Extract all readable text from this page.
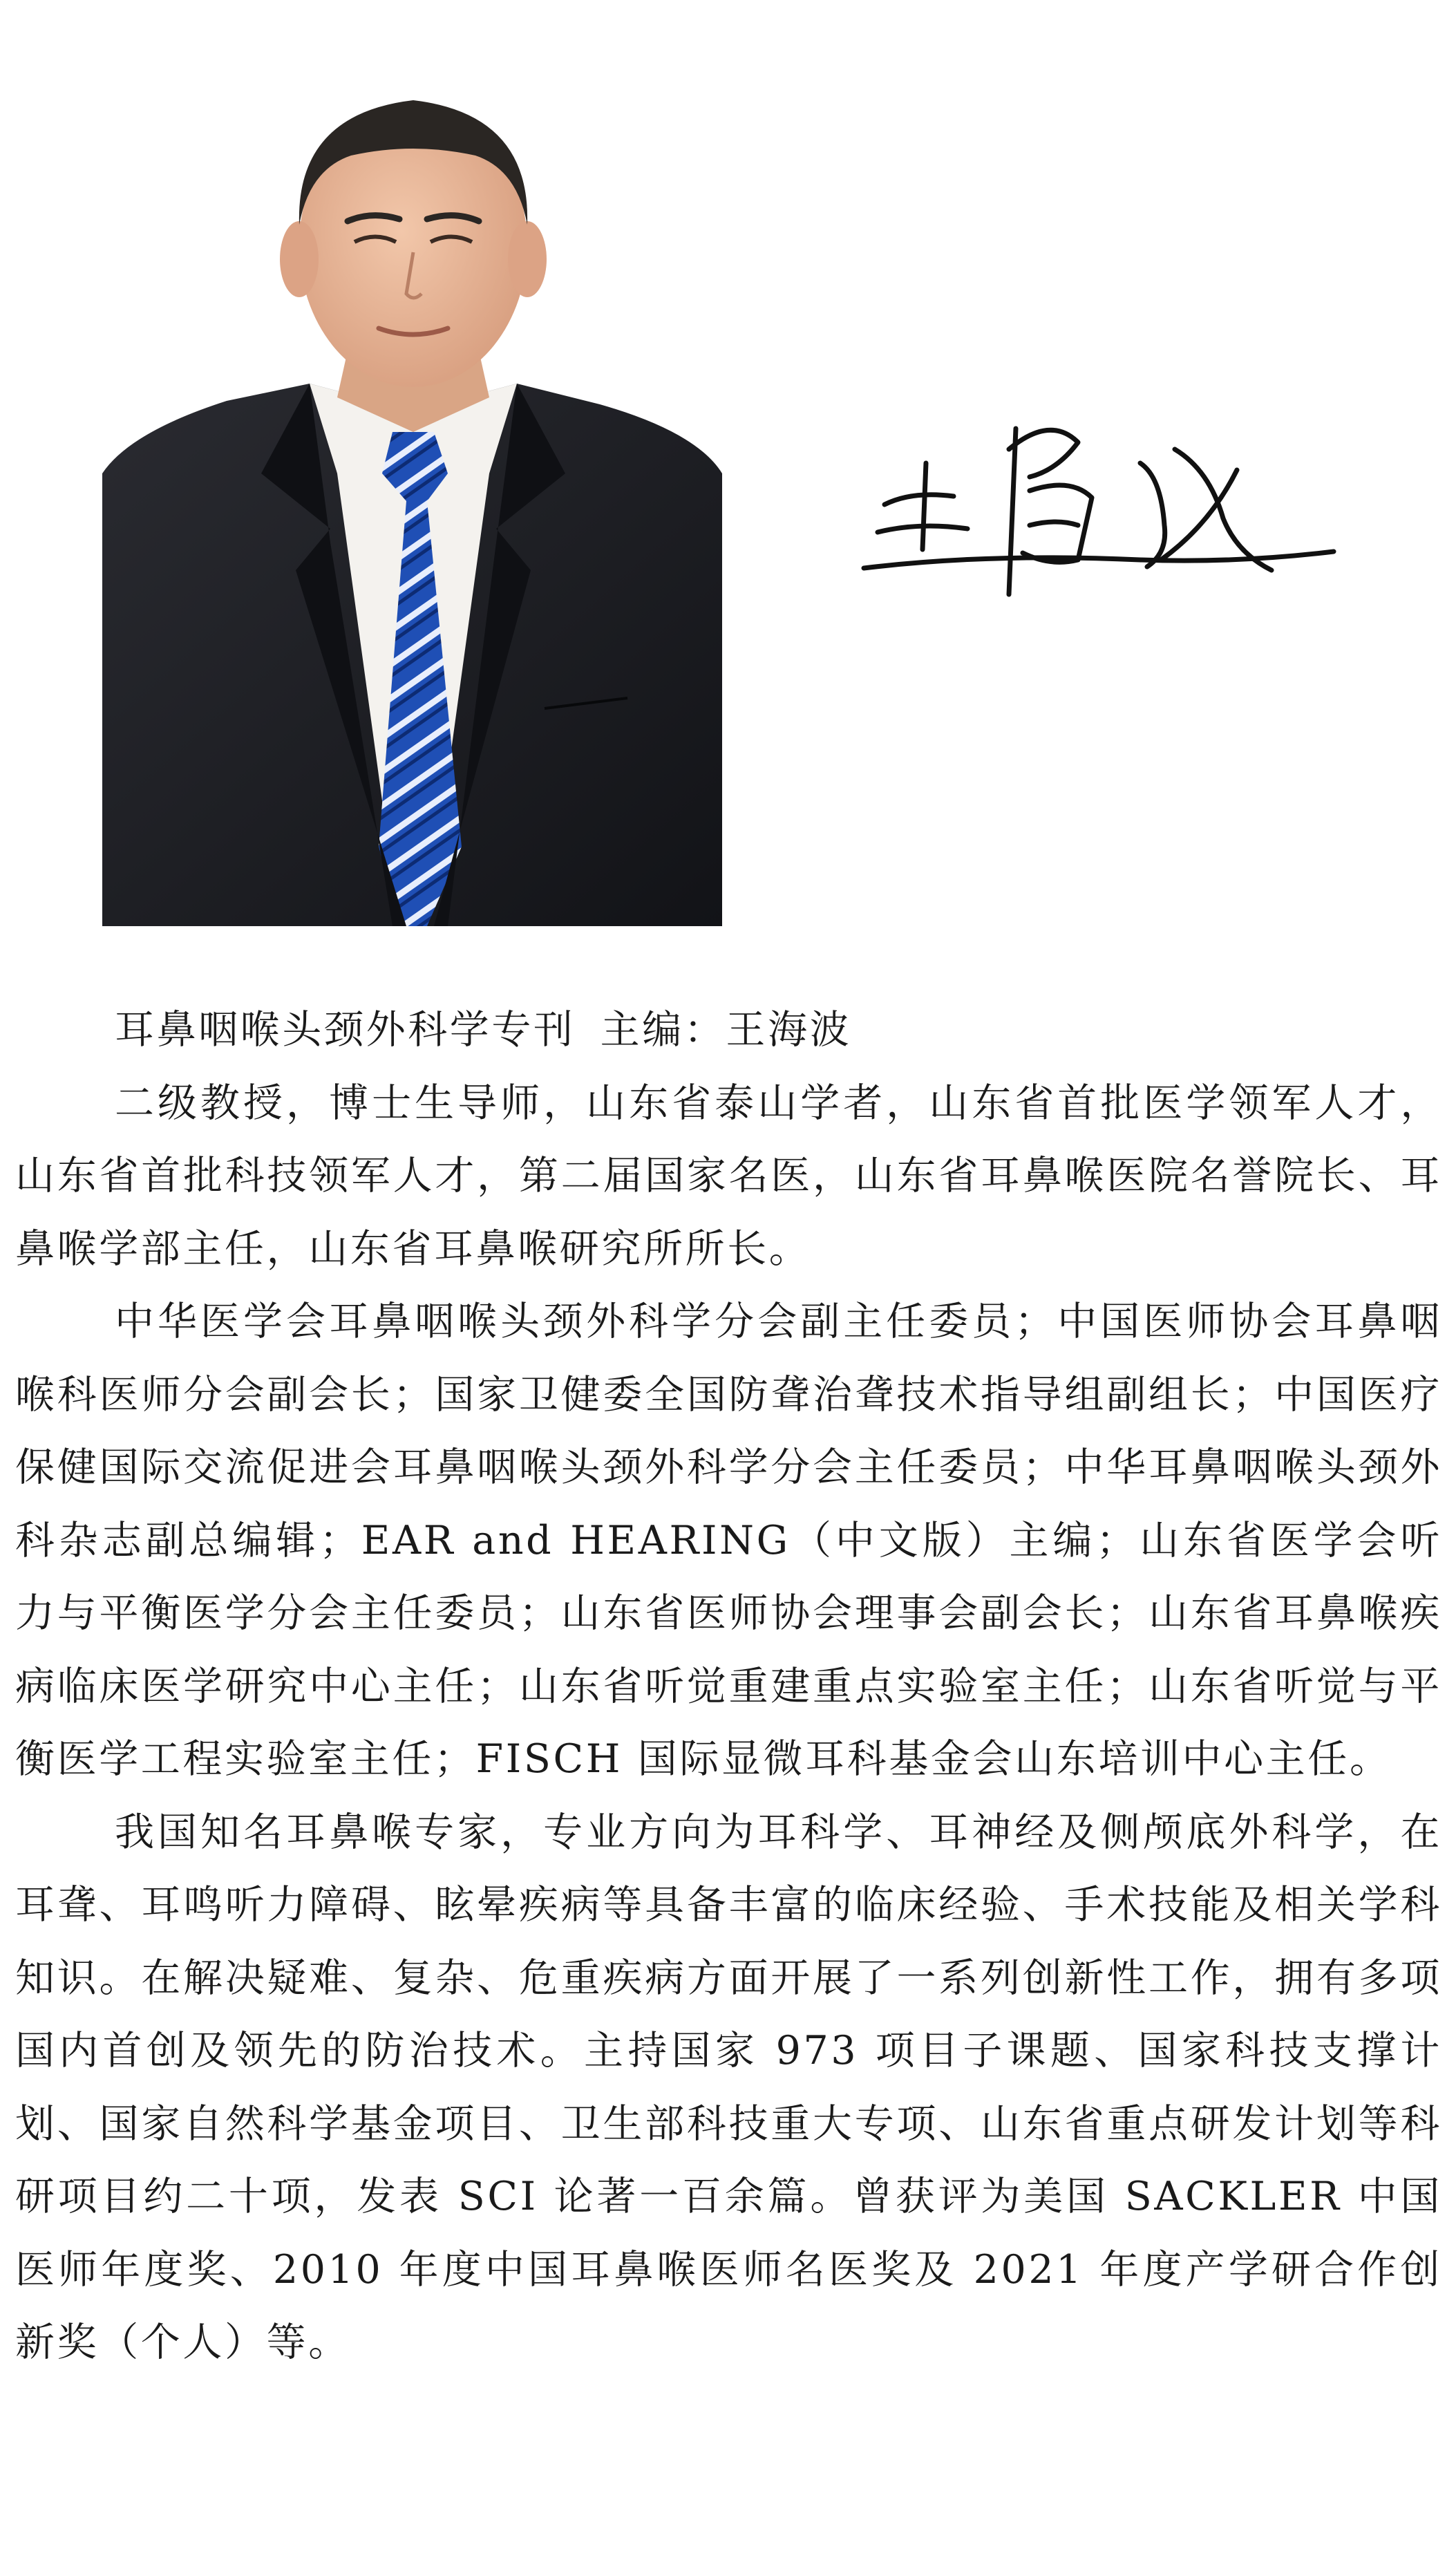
耳鼻咽喉头颈外科学专刊 主编：王海波

二级教授，博士生导师，山东省泰山学者，山东省首批医学领军人才，山东省首批科技领军人才，第二届国家名医，山东省耳鼻喉医院名誉院长、耳鼻喉学部主任，山东省耳鼻喉研究所所长。

中华医学会耳鼻咽喉头颈外科学分会副主任委员；中国医师协会耳鼻咽喉科医师分会副会长；国家卫健委全国防聋治聋技术指导组副组长；中国医疗保健国际交流促进会耳鼻咽喉头颈外科学分会主任委员；中华耳鼻咽喉头颈外科杂志副总编辑；EAR and HEARING（中文版）主编；山东省医学会听力与平衡医学分会主任委员；山东省医师协会理事会副会长；山东省耳鼻喉疾病临床医学研究中心主任；山东省听觉重建重点实验室主任；山东省听觉与平衡医学工程实验室主任；FISCH 国际显微耳科基金会山东培训中心主任。

我国知名耳鼻喉专家，专业方向为耳科学、耳神经及侧颅底外科学，在耳聋、耳鸣听力障碍、眩晕疾病等具备丰富的临床经验、手术技能及相关学科知识。在解决疑难、复杂、危重疾病方面开展了一系列创新性工作，拥有多项国内首创及领先的防治技术。主持国家 973 项目子课题、国家科技支撑计划、国家自然科学基金项目、卫生部科技重大专项、山东省重点研发计划等科研项目约二十项，发表 SCI 论著一百余篇。曾获评为美国 SACKLER 中国医师年度奖、2010 年度中国耳鼻喉医师名医奖及 2021 年度产学研合作创新奖（个人）等。
